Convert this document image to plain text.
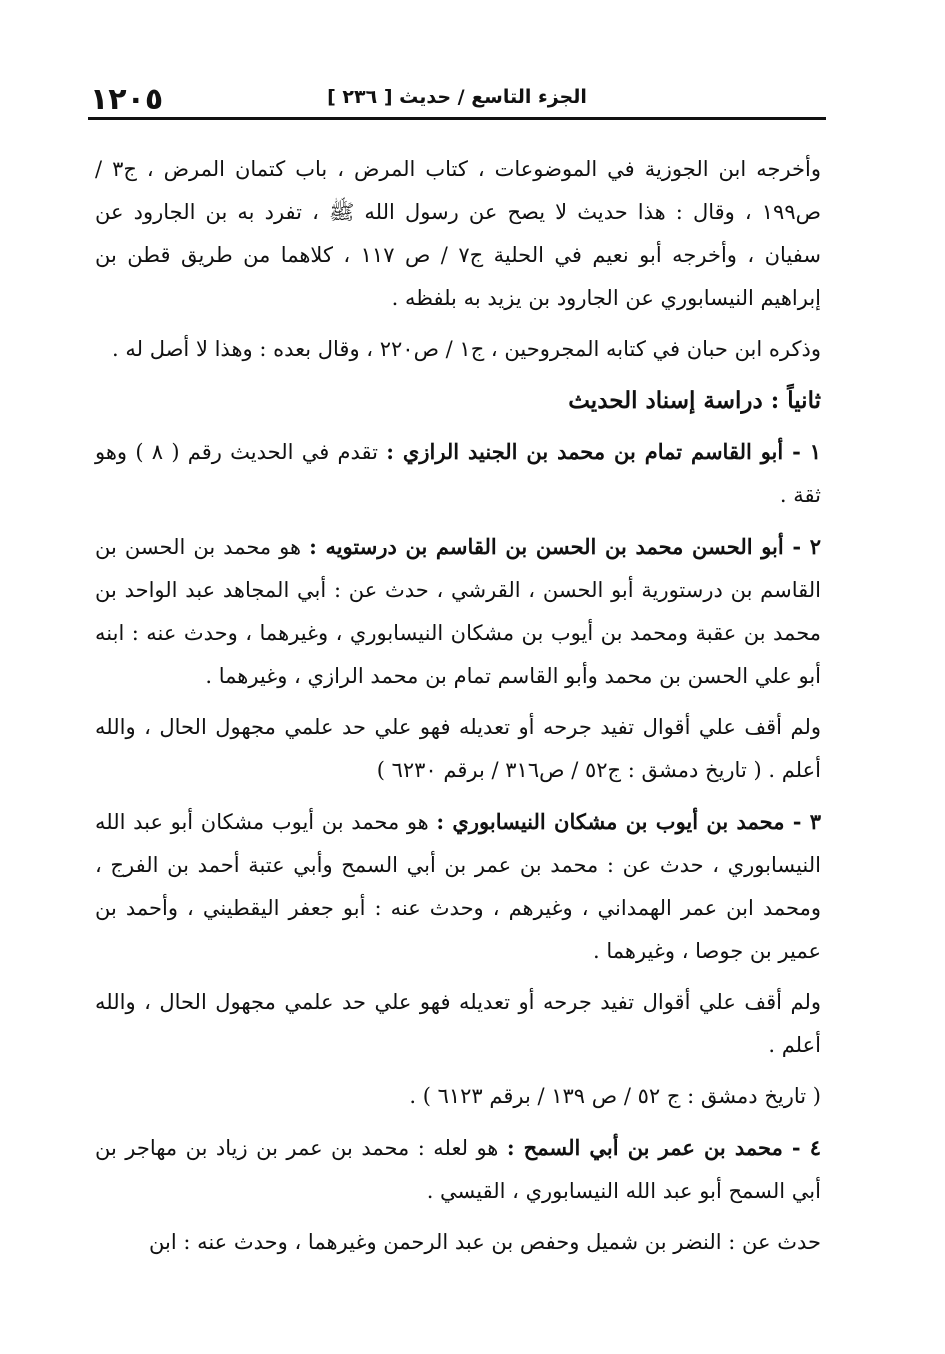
١٢٠٥	الجزء التاسع / حديث [ ٢٣٦ ]

وأخرجه ابن الجوزية في الموضوعات ، كتاب المرض ، باب كتمان المرض ، ج٣ / ص١٩٩ ، وقال : هذا حديث لا يصح عن رسول الله ﷺ ، تفرد به بن الجارود عن سفيان ، وأخرجه أبو نعيم في الحلية ج٧ / ص ١١٧ ، كلاهما من طريق قطن بن إبراهيم النيسابوري عن الجارود بن يزيد به بلفظه .

وذكره ابن حبان في كتابه المجروحين ، ج١ / ص٢٢٠ ، وقال بعده : وهذا لا أصل له .

ثانياً : دراسة إسناد الحديث

١ - أبو القاسم تمام بن محمد بن الجنيد الرازي : تقدم في الحديث رقم ( ٨ ) وهو ثقة .

٢ - أبو الحسن محمد بن الحسن بن القاسم بن درستويه : هو محمد بن الحسن بن القاسم بن درستورية أبو الحسن ، القرشي ، حدث عن : أبي المجاهد عبد الواحد بن محمد بن عقبة ومحمد بن أيوب بن مشكان النيسابوري ، وغيرهما ، وحدث عنه : ابنه أبو علي الحسن بن محمد وأبو القاسم تمام بن محمد الرازي ، وغيرهما .

ولم أقف علي أقوال تفيد جرحه أو تعديله فهو علي حد علمي مجهول الحال ، والله أعلم . ( تاريخ دمشق : ج٥٢ / ص٣١٦ / برقم ٦٢٣٠ )

٣ - محمد بن أيوب بن مشكان النيسابوري : هو محمد بن أيوب مشكان أبو عبد الله النيسابوري ، حدث عن : محمد بن عمر بن أبي السمح وأبي عتبة أحمد بن الفرج ، ومحمد ابن عمر الهمداني ، وغيرهم ، وحدث عنه : أبو جعفر اليقطيني ، وأحمد بن عمير بن جوصا ، وغيرهما .

ولم أقف علي أقوال تفيد جرحه أو تعديله فهو علي حد علمي مجهول الحال ، والله أعلم .

( تاريخ دمشق : ج ٥٢ / ص ١٣٩ / برقم ٦١٢٣ ) .

٤ - محمد بن عمر بن أبي السمح : هو لعله : محمد بن عمر بن زياد بن مهاجر بن أبي السمح أبو عبد الله النيسابوري ، القيسي .

حدث عن : النضر بن شميل وحفص بن عبد الرحمن وغيرهما ، وحدث عنه : ابن
